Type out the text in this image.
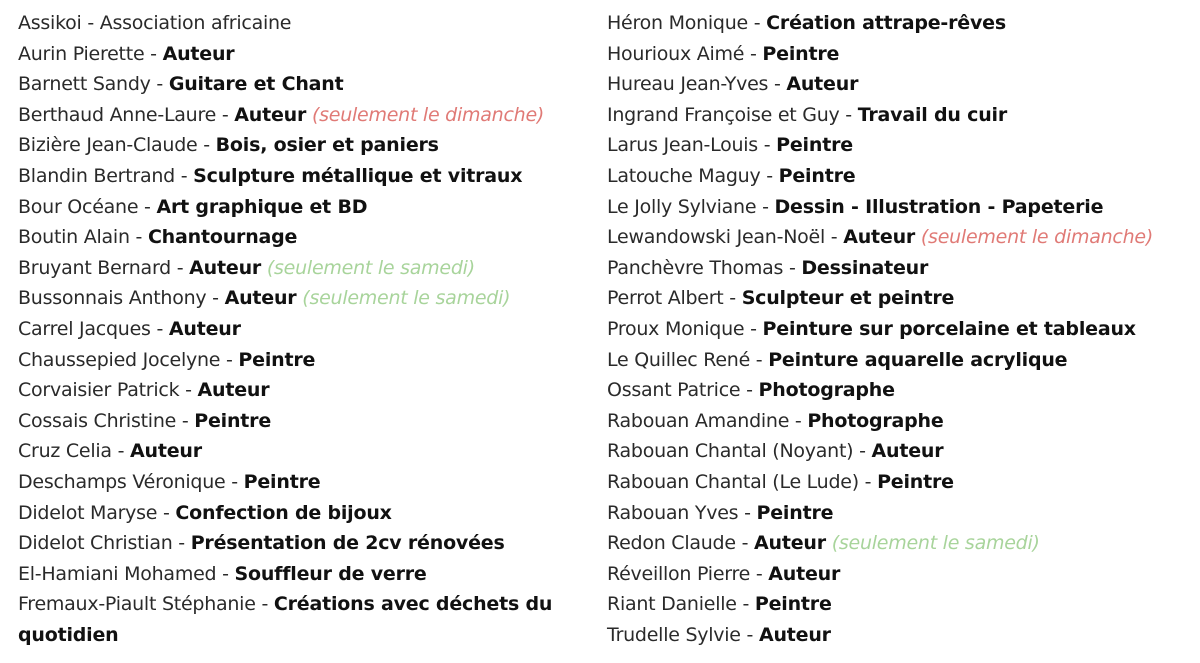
Assikoi - Association africaine
Aurin Pierette - Auteur
Barnett Sandy - Guitare et Chant
Berthaud Anne-Laure - Auteur (seulement le dimanche)
Bizière Jean-Claude - Bois, osier et paniers
Blandin Bertrand - Sculpture métallique et vitraux
Bour Océane - Art graphique et BD
Boutin Alain - Chantournage
Bruyant Bernard - Auteur (seulement le samedi)
Bussonnais Anthony - Auteur (seulement le samedi)
Carrel Jacques - Auteur
Chaussepied Jocelyne - Peintre
Corvaisier Patrick - Auteur
Cossais Christine - Peintre
Cruz Celia - Auteur
Deschamps Véronique - Peintre
Didelot Maryse - Confection de bijoux
Didelot Christian - Présentation de 2cv rénovées
El-Hamiani Mohamed - Souffleur de verre
Fremaux-Piault Stéphanie - Créations avec déchets du quotidien
Héron Monique - Création attrape-rêves
Hourioux Aimé - Peintre
Hureau Jean-Yves - Auteur
Ingrand Françoise et Guy - Travail du cuir
Larus Jean-Louis - Peintre
Latouche Maguy - Peintre
Le Jolly Sylviane - Dessin - Illustration - Papeterie
Lewandowski Jean-Noël - Auteur (seulement le dimanche)
Panchèvre Thomas - Dessinateur
Perrot Albert - Sculpteur et peintre
Proux Monique - Peinture sur porcelaine et tableaux
Le Quillec René - Peinture aquarelle acrylique
Ossant Patrice - Photographe
Rabouan Amandine - Photographe
Rabouan Chantal (Noyant) - Auteur
Rabouan Chantal (Le Lude) - Peintre
Rabouan Yves - Peintre
Redon Claude - Auteur (seulement le samedi)
Réveillon Pierre - Auteur
Riant Danielle - Peintre
Trudelle Sylvie - Auteur
